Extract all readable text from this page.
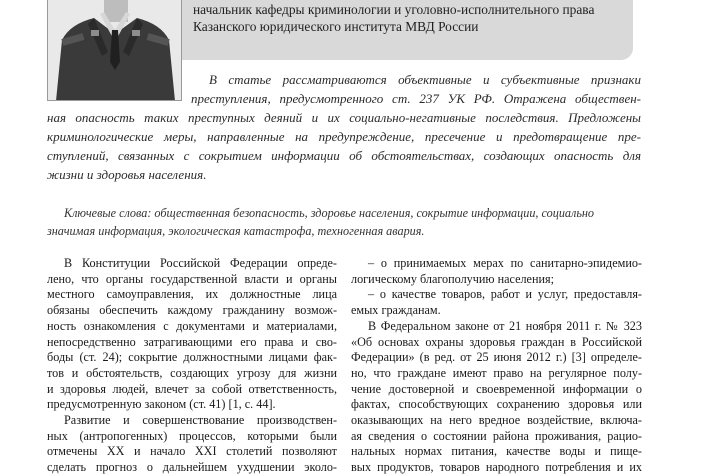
начальник кафедры криминологии и уголовно-исполнительного права
Казанского юридического института МВД России
В статье рассматриваются объективные и субъективные признаки
преступления, предусмотренного ст. 237 УК РФ. Отражена обществен-
ная опасность таких преступных деяний и их социально-негативные последствия. Предложены
криминологические меры, направленные на предупреждение, пресечение и предотвращение пре-
ступлений, связанных с сокрытием информации об обстоятельствах, создающих опасность для
жизни и здоровья населения.
Ключевые слова: общественная безопасность, здоровье населения, сокрытие информации, социально
значимая информация, экологическая катастрофа, техногенная авария.
В Конституции Российской Федерации опреде-
лено, что органы государственной власти и органы
местного самоуправления, их должностные лица
обязаны обеспечить каждому гражданину возмож-
ность ознакомления с документами и материалами,
непосредственно затрагивающими его права и сво-
боды (ст. 24); сокрытие должностными лицами фак-
тов и обстоятельств, создающих угрозу для жизни
и здоровья людей, влечет за собой ответственность,
предусмотренную законом (ст. 41) [1, с. 44].
Развитие и совершенствование производствен-
ных (антропогенных) процессов, которыми были
отмечены XX и начало XXI столетий позволяют
сделать прогноз о дальнейшем ухудшении эколо-
– о принимаемых мерах по санитарно-эпидемио-
логическому благополучию населения;
– о качестве товаров, работ и услуг, предоставля-
емых гражданам.
В Федеральном законе от 21 ноября 2011 г. № 323
«Об основах охраны здоровья граждан в Российской
Федерации» (в ред. от 25 июня 2012 г.) [3] определе-
но, что граждане имеют право на регулярное полу-
чение достоверной и своевременной информации о
фактах, способствующих сохранению здоровья или
оказывающих на него вредное воздействие, включа-
ая сведения о состоянии района проживания, рацио-
нальных нормах питания, качестве воды и пище-
вых продуктов, товаров народного потребления и их
